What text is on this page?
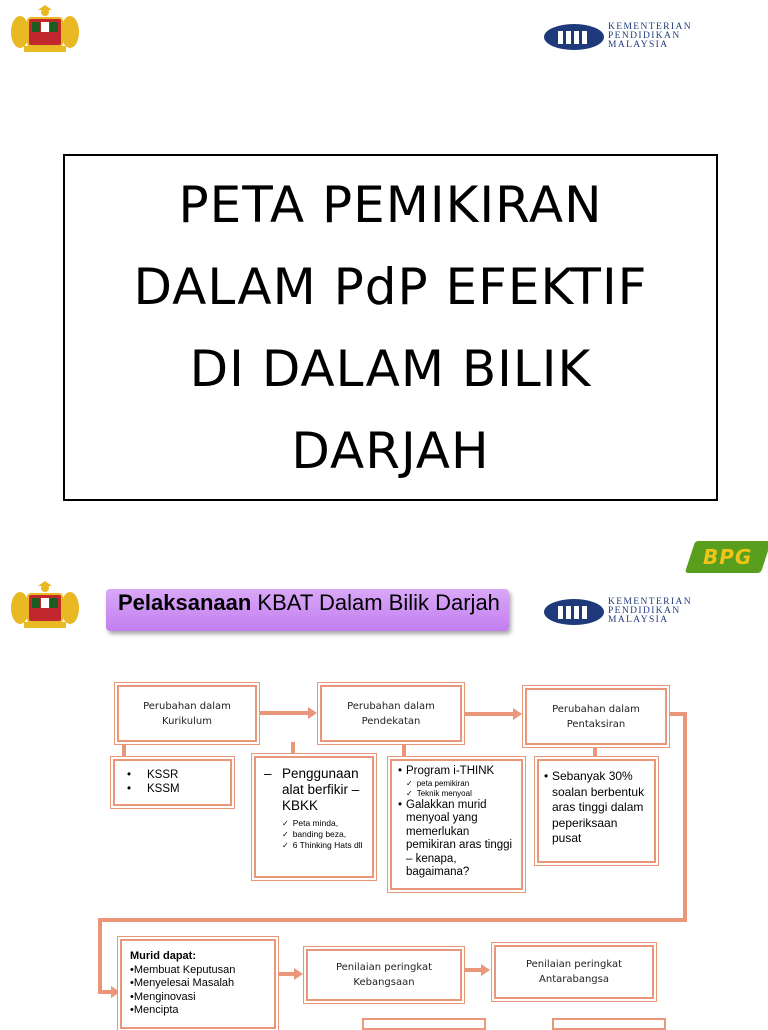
KEMENTERIAN
PENDIDIKAN
MALAYSIA
PETA PEMIKIRAN
DALAM PdP EFEKTIF
DI DALAM BILIK
DARJAH
BPG
KEMENTERIAN
PENDIDIKAN
MALAYSIA
Pelaksanaan KBAT Dalam Bilik Darjah
Perubahan dalam Kurikulum
Perubahan dalam Pendekatan
Perubahan dalam Pentaksiran
•     KSSR
•     KSSM
– Penggunaan alat berfikir – KBKK
✓ Peta minda,
✓ banding beza,
✓ 6 Thinking Hats dll
• Program i-THINK
✓ peta pemikiran
✓ Teknik menyoal
• Galakkan murid menyoal yang memerlukan pemikiran aras tinggi – kenapa, bagaimana?
• Sebanyak 30% soalan berbentuk aras tinggi dalam peperiksaan pusat
Murid dapat:
•Membuat Keputusan
•Menyelesai Masalah
•Menginovasi
•Mencipta
Penilaian peringkat Kebangsaan
Penilaian peringkat Antarabangsa
